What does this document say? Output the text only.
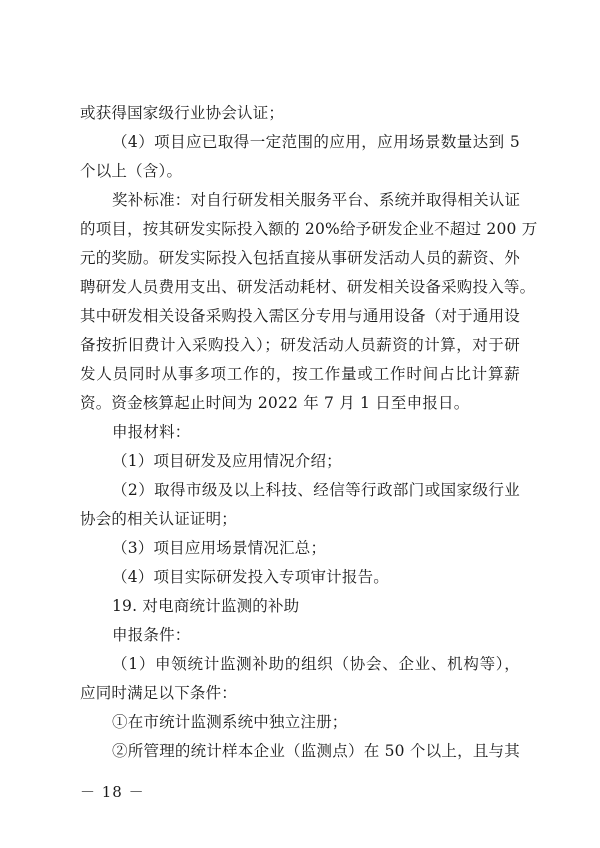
或获得国家级行业协会认证；
（4）项目应已取得一定范围的应用，应用场景数量达到 5
个以上（含）。
奖补标准：对自行研发相关服务平台、系统并取得相关认证
的项目，按其研发实际投入额的 20%给予研发企业不超过 200 万
元的奖励。研发实际投入包括直接从事研发活动人员的薪资、外
聘研发人员费用支出、研发活动耗材、研发相关设备采购投入等。
其中研发相关设备采购投入需区分专用与通用设备（对于通用设
备按折旧费计入采购投入）；研发活动人员薪资的计算，对于研
发人员同时从事多项工作的，按工作量或工作时间占比计算薪
资。资金核算起止时间为 2022 年 7 月 1 日至申报日。
申报材料：
（1）项目研发及应用情况介绍；
（2）取得市级及以上科技、经信等行政部门或国家级行业
协会的相关认证证明；
（3）项目应用场景情况汇总；
（4）项目实际研发投入专项审计报告。
19. 对电商统计监测的补助
申报条件：
（1）申领统计监测补助的组织（协会、企业、机构等），
应同时满足以下条件：
①在市统计监测系统中独立注册；
②所管理的统计样本企业（监测点）在 50 个以上，且与其
－ 18 －
